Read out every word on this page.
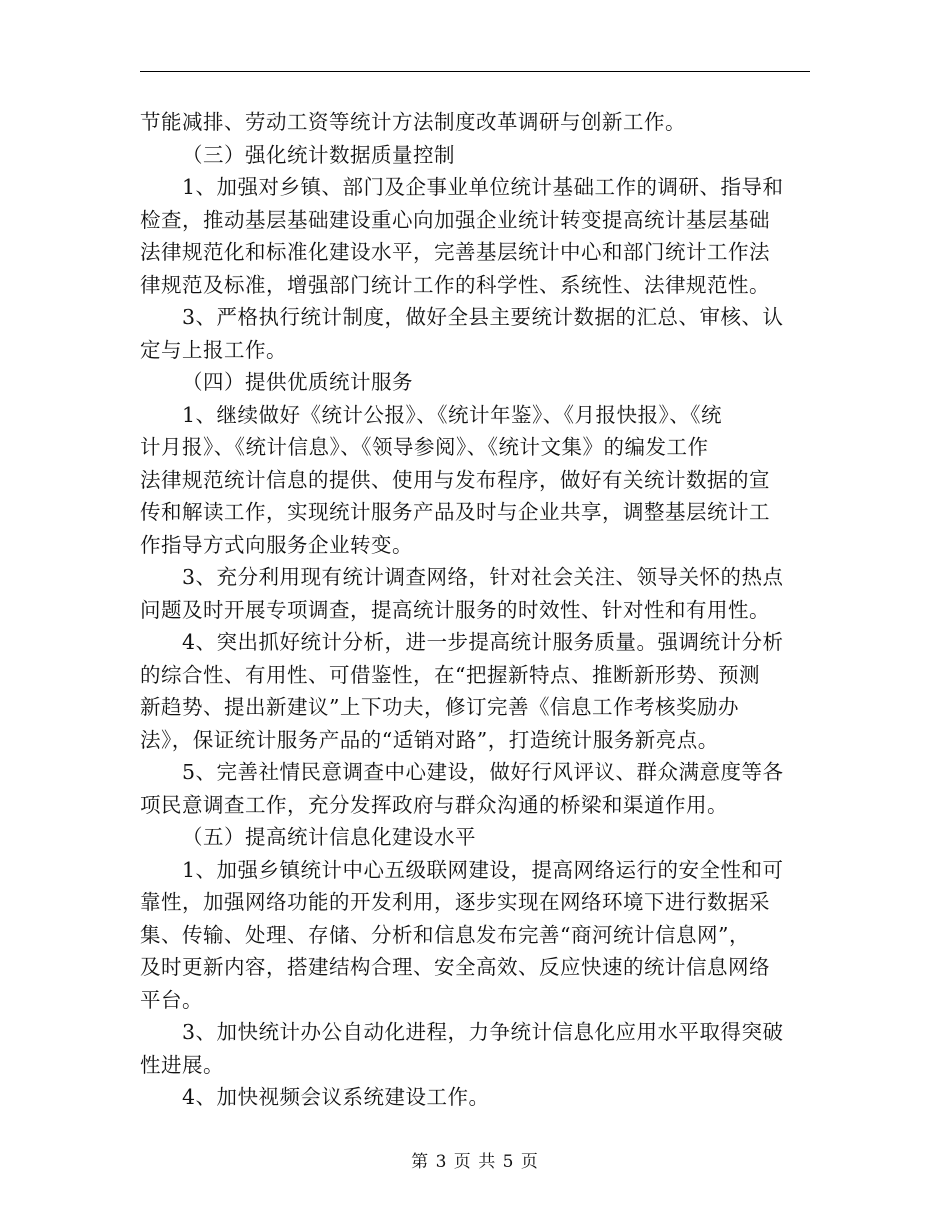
节能减排、劳动工资等统计方法制度改革调研与创新工作。
（三）强化统计数据质量控制
1、加强对乡镇、部门及企事业单位统计基础工作的调研、指导和
检查，推动基层基础建设重心向加强企业统计转变提高统计基层基础
法律规范化和标准化建设水平，完善基层统计中心和部门统计工作法
律规范及标准，增强部门统计工作的科学性、系统性、法律规范性。
3、严格执行统计制度，做好全县主要统计数据的汇总、审核、认
定与上报工作。
（四）提供优质统计服务
1、继续做好《统计公报》、《统计年鉴》、《月报快报》、《统
计月报》、《统计信息》、《领导参阅》、《统计文集》的编发工作
法律规范统计信息的提供、使用与发布程序，做好有关统计数据的宣
传和解读工作，实现统计服务产品及时与企业共享，调整基层统计工
作指导方式向服务企业转变。
3、充分利用现有统计调查网络，针对社会关注、领导关怀的热点
问题及时开展专项调查，提高统计服务的时效性、针对性和有用性。
4、突出抓好统计分析，进一步提高统计服务质量。强调统计分析
的综合性、有用性、可借鉴性，在“把握新特点、推断新形势、预测
新趋势、提出新建议”上下功夫，修订完善《信息工作考核奖励办
法》，保证统计服务产品的“适销对路”，打造统计服务新亮点。
5、完善社情民意调查中心建设，做好行风评议、群众满意度等各
项民意调查工作，充分发挥政府与群众沟通的桥梁和渠道作用。
（五）提高统计信息化建设水平
1、加强乡镇统计中心五级联网建设，提高网络运行的安全性和可
靠性，加强网络功能的开发利用，逐步实现在网络环境下进行数据采
集、传输、处理、存储、分析和信息发布完善“商河统计信息网”，
及时更新内容，搭建结构合理、安全高效、反应快速的统计信息网络
平台。
3、加快统计办公自动化进程，力争统计信息化应用水平取得突破
性进展。
4、加快视频会议系统建设工作。
第 3 页 共 5 页
